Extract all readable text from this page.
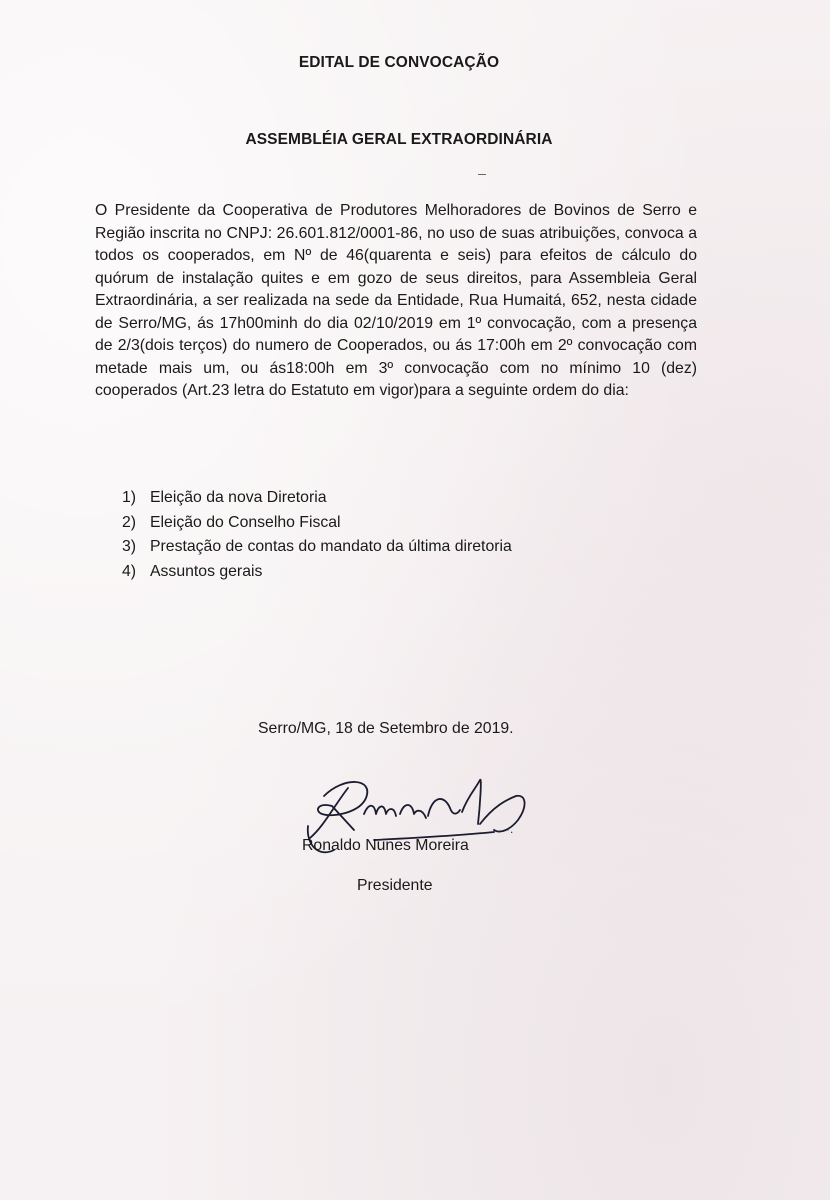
EDITAL DE CONVOCAÇÃO
ASSEMBLÉIA GERAL EXTRAORDINÁRIA

O Presidente da Cooperativa de Produtores Melhoradores de Bovinos de Serro e Região inscrita no CNPJ: 26.601.812/0001-86, no uso de suas atribuições, convoca a todos os cooperados, em Nº de 46(quarenta e seis) para efeitos de cálculo do quórum de instalação quites e em gozo de seus direitos, para Assembleia Geral Extraordinária, a ser realizada na sede da Entidade, Rua Humaitá, 652, nesta cidade de Serro/MG, ás 17h00minh do dia 02/10/2019 em 1º convocação, com a presença de 2/3(dois terços) do numero de Cooperados, ou ás 17:00h em 2º convocação com metade mais um, ou ás18:00h em 3º convocação com no mínimo 10 (dez) cooperados (Art.23 letra do Estatuto em vigor)para a seguinte ordem do dia:

1) Eleição da nova Diretoria
2) Eleição do Conselho Fiscal
3) Prestação de contas do mandato da última diretoria
4) Assuntos gerais
Serro/MG, 18 de Setembro de 2019.
Ronaldo Nunes Moreira
·.
Presidente
